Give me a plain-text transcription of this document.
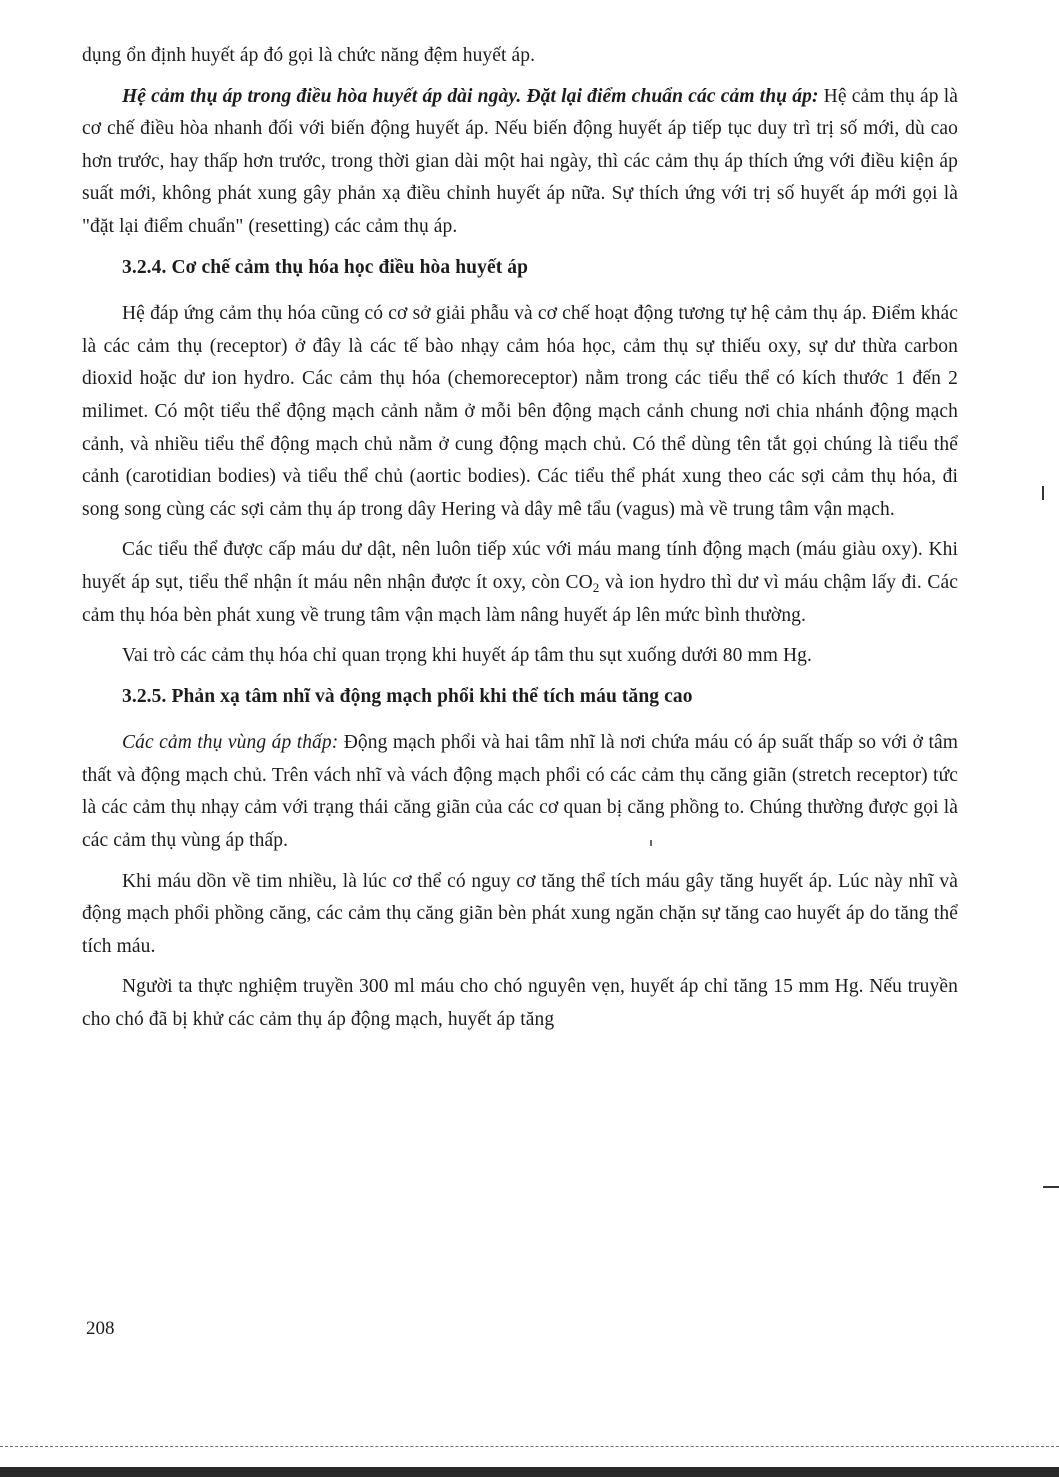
dụng ổn định huyết áp đó gọi là chức năng đệm huyết áp.

Hệ cảm thụ áp trong điều hòa huyết áp dài ngày. Đặt lại điểm chuẩn các cảm thụ áp: Hệ cảm thụ áp là cơ chế điều hòa nhanh đối với biến động huyết áp. Nếu biến động huyết áp tiếp tục duy trì trị số mới, dù cao hơn trước, hay thấp hơn trước, trong thời gian dài một hai ngày, thì các cảm thụ áp thích ứng với điều kiện áp suất mới, không phát xung gây phản xạ điều chỉnh huyết áp nữa. Sự thích ứng với trị số huyết áp mới gọi là "đặt lại điểm chuẩn" (resetting) các cảm thụ áp.

3.2.4. Cơ chế cảm thụ hóa học điều hòa huyết áp

Hệ đáp ứng cảm thụ hóa cũng có cơ sở giải phẫu và cơ chế hoạt động tương tự hệ cảm thụ áp. Điểm khác là các cảm thụ (receptor) ở đây là các tế bào nhạy cảm hóa học, cảm thụ sự thiếu oxy, sự dư thừa carbon dioxid hoặc dư ion hydro. Các cảm thụ hóa (chemoreceptor) nằm trong các tiểu thể có kích thước 1 đến 2 milimet. Có một tiểu thể động mạch cảnh nằm ở mỗi bên động mạch cảnh chung nơi chia nhánh động mạch cảnh, và nhiều tiểu thể động mạch chủ nằm ở cung động mạch chủ. Có thể dùng tên tắt gọi chúng là tiểu thể cảnh (carotidian bodies) và tiểu thể chủ (aortic bodies). Các tiểu thể phát xung theo các sợi cảm thụ hóa, đi song song cùng các sợi cảm thụ áp trong dây Hering và dây mê tẩu (vagus) mà về trung tâm vận mạch.

Các tiểu thể được cấp máu dư dật, nên luôn tiếp xúc với máu mang tính động mạch (máu giàu oxy). Khi huyết áp sụt, tiểu thể nhận ít máu nên nhận được ít oxy, còn $CO_2$ và ion hydro thì dư vì máu chậm lấy đi. Các cảm thụ hóa bèn phát xung về trung tâm vận mạch làm nâng huyết áp lên mức bình thường.

Vai trò các cảm thụ hóa chỉ quan trọng khi huyết áp tâm thu sụt xuống dưới 80 mm Hg.

3.2.5. Phản xạ tâm nhĩ và động mạch phổi khi thể tích máu tăng cao

Các cảm thụ vùng áp thấp: Động mạch phổi và hai tâm nhĩ là nơi chứa máu có áp suất thấp so với ở tâm thất và động mạch chủ. Trên vách nhĩ và vách động mạch phổi có các cảm thụ căng giãn (stretch receptor) tức là các cảm thụ nhạy cảm với trạng thái căng giãn của các cơ quan bị căng phồng to. Chúng thường được gọi là các cảm thụ vùng áp thấp.

Khi máu dồn về tim nhiều, là lúc cơ thể có nguy cơ tăng thể tích máu gây tăng huyết áp. Lúc này nhĩ và động mạch phổi phồng căng, các cảm thụ căng giãn bèn phát xung ngăn chặn sự tăng cao huyết áp do tăng thể tích máu.

Người ta thực nghiệm truyền 300 ml máu cho chó nguyên vẹn, huyết áp chỉ tăng 15 mm Hg. Nếu truyền cho chó đã bị khử các cảm thụ áp động mạch, huyết áp tăng

208
